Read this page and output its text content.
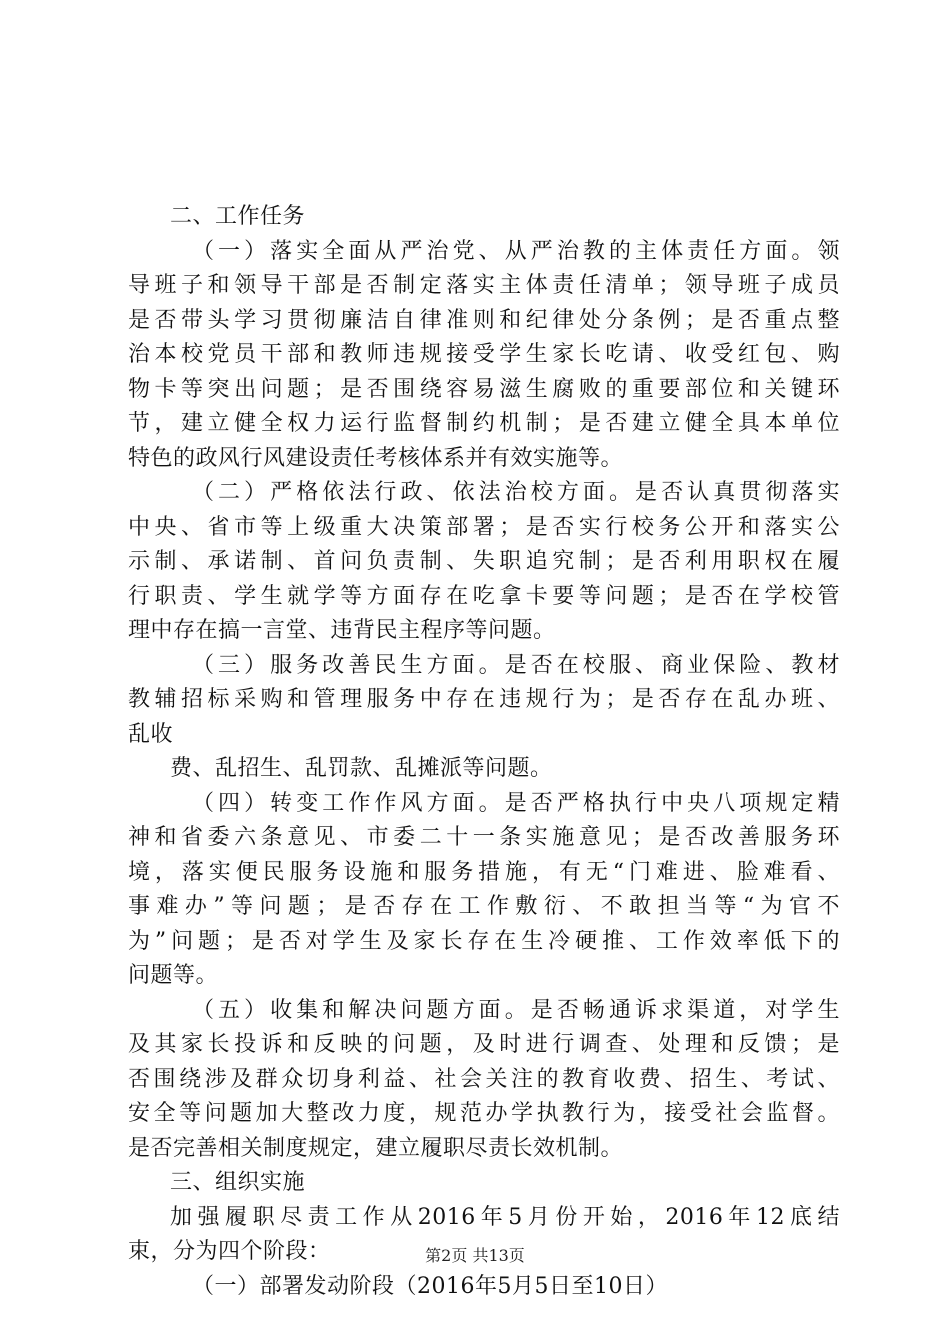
二、工作任务
（一）落实全面从严治党、从严治教的主体责任方面。领
导班子和领导干部是否制定落实主体责任清单；领导班子成员
是否带头学习贯彻廉洁自律准则和纪律处分条例；是否重点整
治本校党员干部和教师违规接受学生家长吃请、收受红包、购
物卡等突出问题；是否围绕容易滋生腐败的重要部位和关键环
节，建立健全权力运行监督制约机制；是否建立健全具本单位
特色的政风行风建设责任考核体系并有效实施等。
（二）严格依法行政、依法治校方面。是否认真贯彻落实
中央、省市等上级重大决策部署；是否实行校务公开和落实公
示制、承诺制、首问负责制、失职追究制；是否利用职权在履
行职责、学生就学等方面存在吃拿卡要等问题；是否在学校管
理中存在搞一言堂、违背民主程序等问题。
（三）服务改善民生方面。是否在校服、商业保险、教材
教辅招标采购和管理服务中存在违规行为；是否存在乱办班、
乱收
费、乱招生、乱罚款、乱摊派等问题。
（四）转变工作作风方面。是否严格执行中央八项规定精
神和省委六条意见、市委二十一条实施意见；是否改善服务环
境，落实便民服务设施和服务措施，有无“门难进、脸难看、
事难办”等问题；是否存在工作敷衍、不敢担当等“为官不
为”问题；是否对学生及家长存在生冷硬推、工作效率低下的
问题等。
（五）收集和解决问题方面。是否畅通诉求渠道，对学生
及其家长投诉和反映的问题，及时进行调查、处理和反馈；是
否围绕涉及群众切身利益、社会关注的教育收费、招生、考试、
安全等问题加大整改力度，规范办学执教行为，接受社会监督。
是否完善相关制度规定，建立履职尽责长效机制。
三、组织实施
加强履职尽责工作从2016年5月份开始，2016年12底结
束，分为四个阶段：
（一）部署发动阶段（2016年5月5日至10日）
第2页 共13页
